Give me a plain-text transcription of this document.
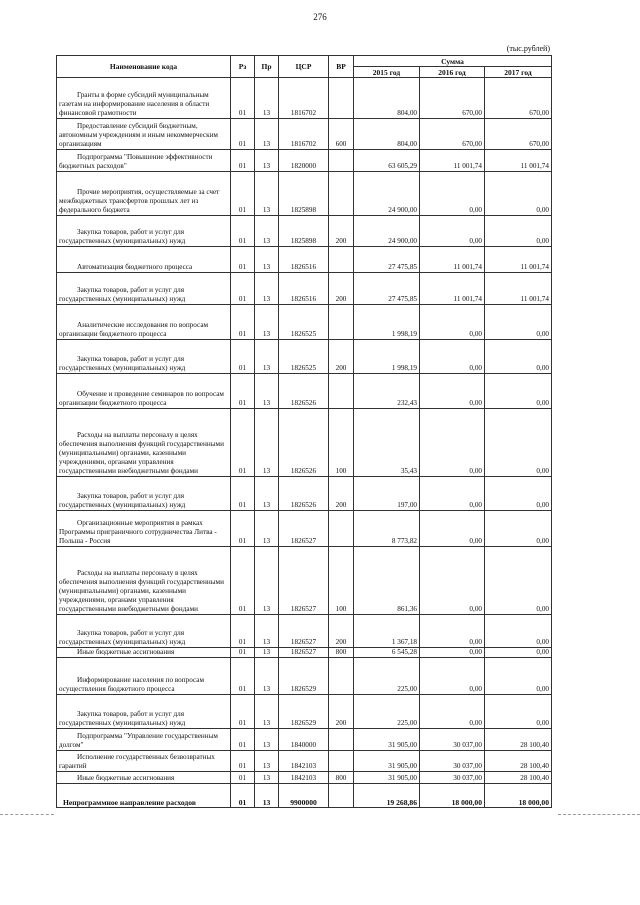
276
(тыс.рублей)
Наименование кода	Рз	Пр	ЦСР	ВР	Сумма		
					2015 год	2016 год	2017 год

Гранты в форме субсидий муниципальным газетам на информирование населения в области финансовой грамотности	01	13	1816702		804,00	670,00	670,00

Предоставление субсидий бюджетным, автономным учреждениям и иным некоммерческим организациям	01	13	1816702	600	804,00	670,00	670,00

Подпрограмма "Повышение эффективности бюджетных расходов"	01	13	1820000		63 605,29	11 001,74	11 001,74

Прочие мероприятия, осуществляемые за счет межбюджетных трансфертов прошлых лет из федерального бюджета	01	13	1825898		24 900,00	0,00	0,00

Закупка товаров, работ и услуг для государственных (муниципальных) нужд	01	13	1825898	200	24 900,00	0,00	0,00

Автоматизация бюджетного процесса	01	13	1826516		27 475,85	11 001,74	11 001,74

Закупка товаров, работ и услуг для государственных (муниципальных) нужд	01	13	1826516	200	27 475,85	11 001,74	11 001,74

Аналитические исследования по вопросам организации бюджетного процесса	01	13	1826525		1 998,19	0,00	0,00

Закупка товаров, работ и услуг для государственных (муниципальных) нужд	01	13	1826525	200	1 998,19	0,00	0,00

Обучение и проведение семинаров по вопросам организации бюджетного процесса	01	13	1826526		232,43	0,00	0,00

Расходы на выплаты персоналу в целях обеспечения выполнения функций государственными (муниципальными) органами, казенными учреждениями, органами управления государственными внебюджетными фондами	01	13	1826526	100	35,43	0,00	0,00

Закупка товаров, работ и услуг для государственных (муниципальных) нужд	01	13	1826526	200	197,00	0,00	0,00

Организационные мероприятия в рамках Программы приграничного сотрудничества Литва - Польша - Россия	01	13	1826527		8 773,82	0,00	0,00

Расходы на выплаты персоналу в целях обеспечения выполнения функций государственными (муниципальными) органами, казенными учреждениями, органами управления государственными внебюджетными фондами	01	13	1826527	100	861,36	0,00	0,00

Закупка товаров, работ и услуг для государственных (муниципальных) нужд	01	13	1826527	200	1 367,18	0,00	0,00

Иные бюджетные ассигнования	01	13	1826527	800	6 545,28	0,00	0,00

Информирование населения по вопросам осуществления бюджетного процесса	01	13	1826529		225,00	0,00	0,00

Закупка товаров, работ и услуг для государственных (муниципальных) нужд	01	13	1826529	200	225,00	0,00	0,00

Подпрограмма "Управление государственным долгом"	01	13	1840000		31 905,00	30 037,00	28 100,40

Исполнение государственных безвозвратных гарантий	01	13	1842103		31 905,00	30 037,00	28 100,40

Иные бюджетные ассигнования	01	13	1842103	800	31 905,00	30 037,00	28 100,40

Непрограммное направление расходов	01	13	9900000		19 268,86	18 000,00	18 000,00
